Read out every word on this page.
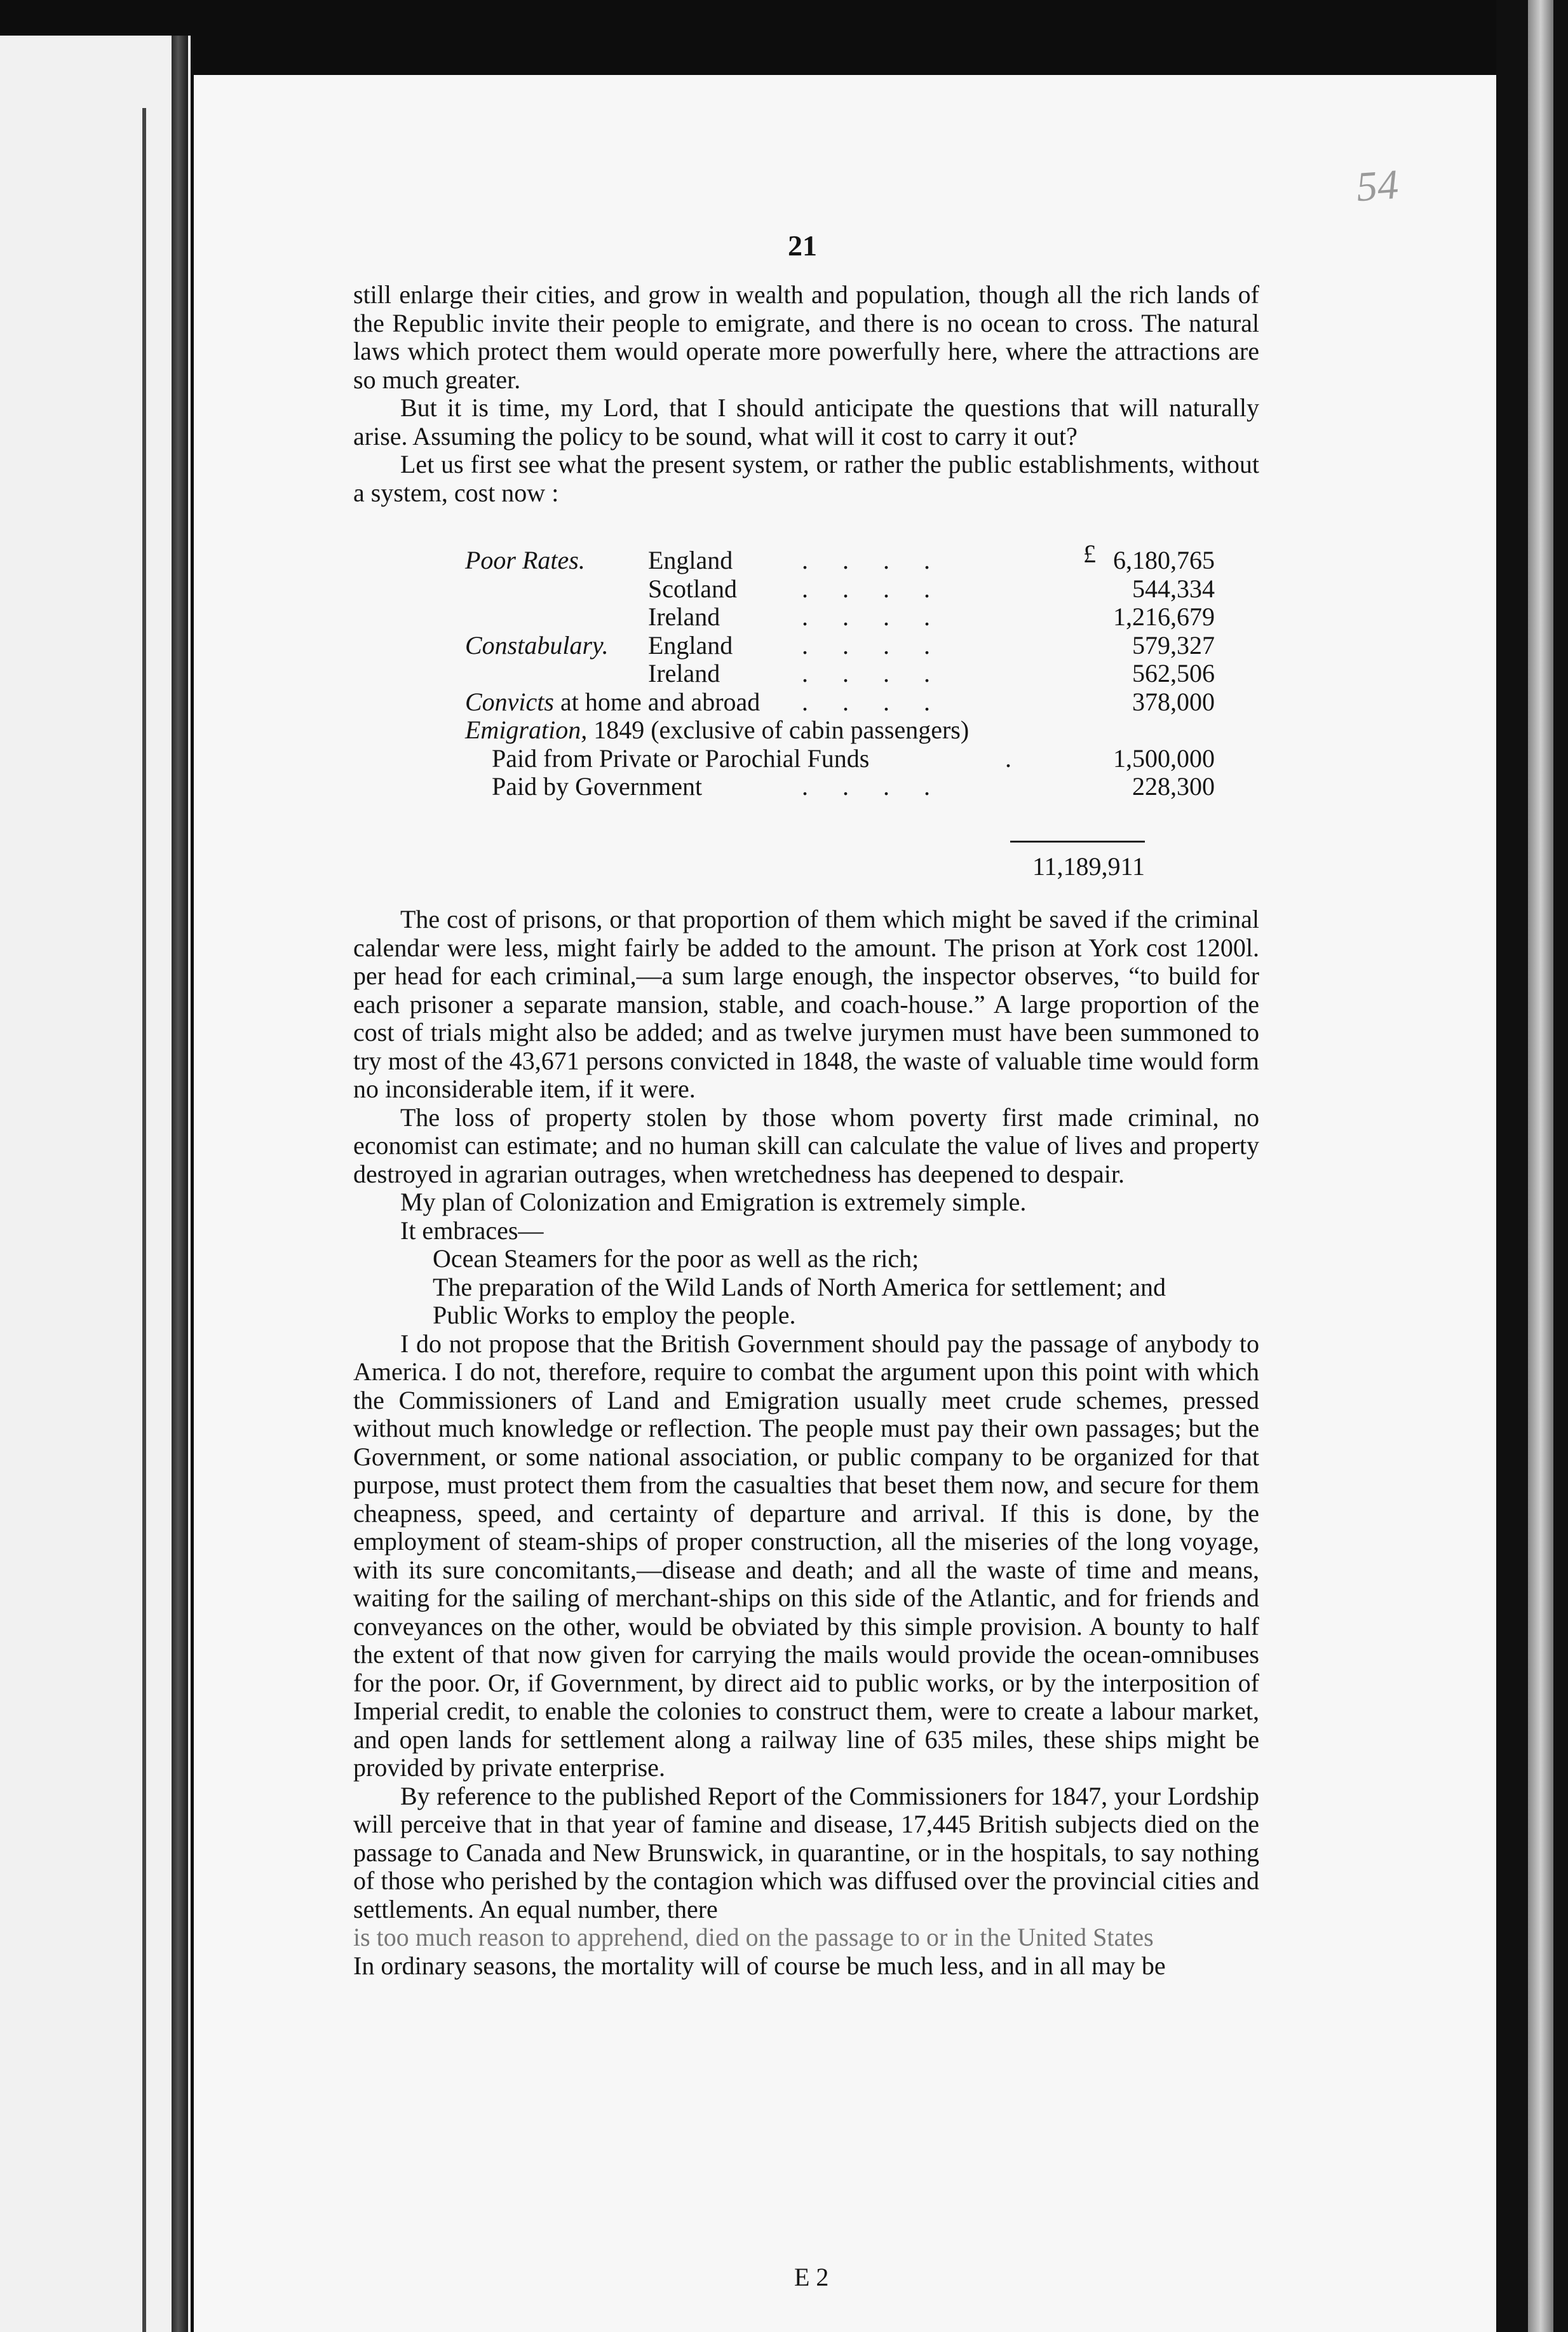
54
21

still enlarge their cities, and grow in wealth and population, though all the rich lands of the Republic invite their people to emigrate, and there is no ocean to cross. The natural laws which protect them would operate more powerfully here, where the attractions are so much greater.

But it is time, my Lord, that I should anticipate the questions that will naturally arise. Assuming the policy to be sound, what will it cost to carry it out?

Let us first see what the present system, or rather the public establishments, without a system, cost now :

£
Poor Rates. England	....	6,180,765
Scotland	....	544,334
Ireland	....	1,216,679
Constabulary. England	....	579,327
Ireland	....	562,506
Convicts at home and abroad ....	378,000
Emigration, 1849 (exclusive of cabin passengers)
Paid from Private or Parochial Funds	.	1,500,000
Paid by Government	....	228,300
11,189,911

The cost of prisons, or that proportion of them which might be saved if the criminal calendar were less, might fairly be added to the amount. The prison at York cost 1200l. per head for each criminal,—a sum large enough, the inspector observes, “to build for each prisoner a separate mansion, stable, and coach-house.” A large proportion of the cost of trials might also be added; and as twelve jurymen must have been summoned to try most of the 43,671 persons convicted in 1848, the waste of valuable time would form no inconsiderable item, if it were.

The loss of property stolen by those whom poverty first made criminal, no economist can estimate; and no human skill can calculate the value of lives and property destroyed in agrarian outrages, when wretchedness has deepened to despair.

My plan of Colonization and Emigration is extremely simple.

It embraces—

Ocean Steamers for the poor as well as the rich;

The preparation of the Wild Lands of North America for settlement; and

Public Works to employ the people.

I do not propose that the British Government should pay the passage of anybody to America. I do not, therefore, require to combat the argument upon this point with which the Commissioners of Land and Emigration usually meet crude schemes, pressed without much knowledge or reflection. The people must pay their own passages; but the Government, or some national association, or public company to be organized for that purpose, must protect them from the casualties that beset them now, and secure for them cheapness, speed, and certainty of departure and arrival. If this is done, by the employment of steam-ships of proper construction, all the miseries of the long voyage, with its sure concomitants,—disease and death; and all the waste of time and means, waiting for the sailing of merchant-ships on this side of the Atlantic, and for friends and conveyances on the other, would be obviated by this simple provision. A bounty to half the extent of that now given for carrying the mails would provide the ocean-omnibuses for the poor. Or, if Government, by direct aid to public works, or by the interposition of Imperial credit, to enable the colonies to construct them, were to create a labour market, and open lands for settlement along a railway line of 635 miles, these ships might be provided by private enterprise.

By reference to the published Report of the Commissioners for 1847, your Lordship will perceive that in that year of famine and disease, 17,445 British subjects died on the passage to Canada and New Brunswick, in quarantine, or in the hospitals, to say nothing of those who perished by the contagion which was diffused over the provincial cities and settlements. An equal number, there

is too much reason to apprehend, died on the passage to or in the United States

In ordinary seasons, the mortality will of course be much less, and in all may be

E 2
